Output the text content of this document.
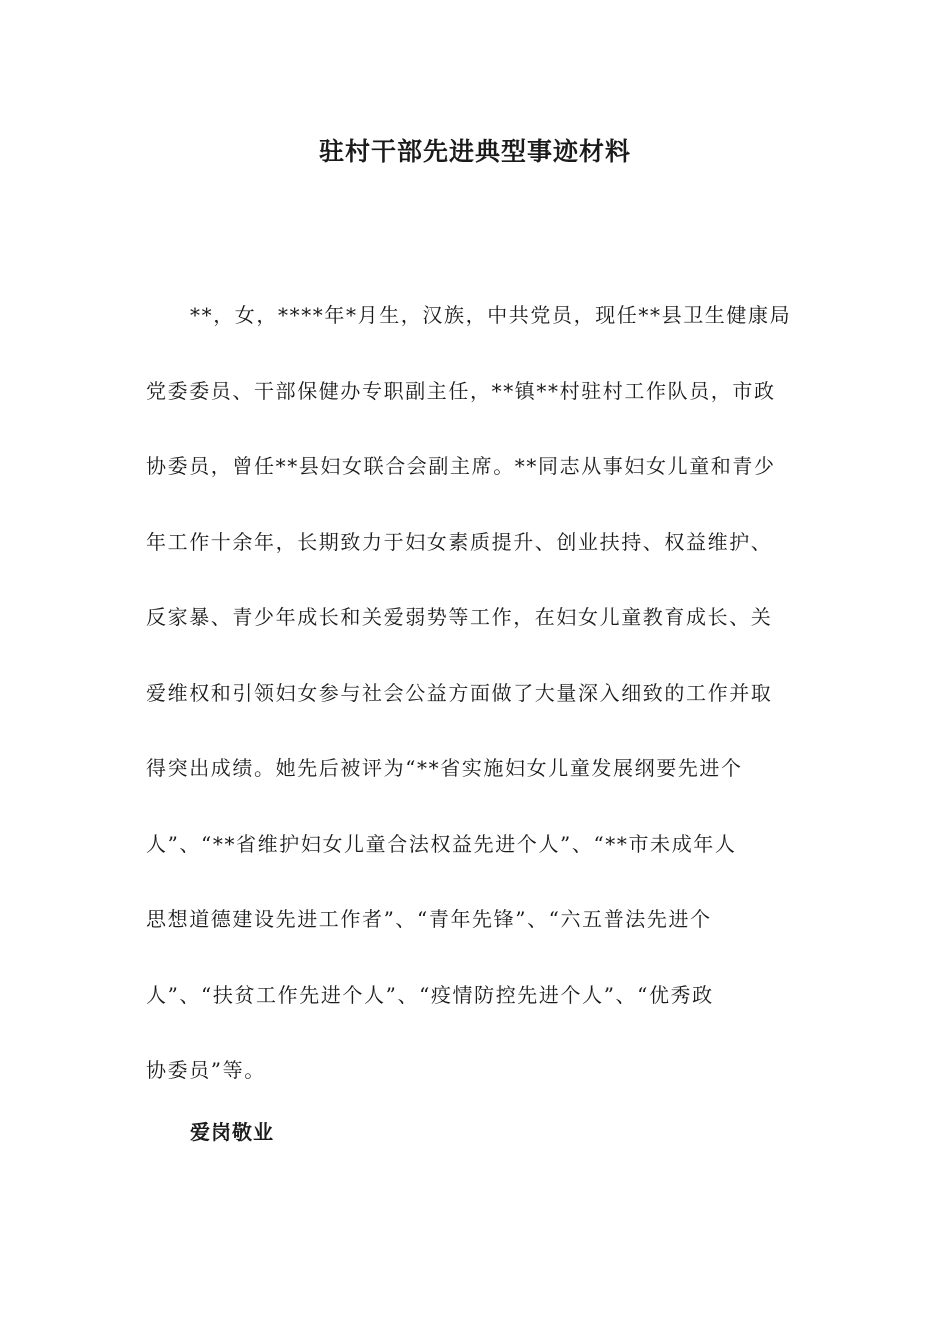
驻村干部先进典型事迹材料
**，女，****年*月生，汉族，中共党员，现任**县卫生健康局
党委委员、干部保健办专职副主任，**镇**村驻村工作队员，市政
协委员，曾任**县妇女联合会副主席。**同志从事妇女儿童和青少
年工作十余年，长期致力于妇女素质提升、创业扶持、权益维护、
反家暴、青少年成长和关爱弱势等工作，在妇女儿童教育成长、关
爱维权和引领妇女参与社会公益方面做了大量深入细致的工作并取
得突出成绩。她先后被评为“**省实施妇女儿童发展纲要先进个
人”、“**省维护妇女儿童合法权益先进个人”、“**市未成年人
思想道德建设先进工作者”、“青年先锋”、“六五普法先进个
人”、“扶贫工作先进个人”、“疫情防控先进个人”、“优秀政
协委员”等。
爱岗敬业
